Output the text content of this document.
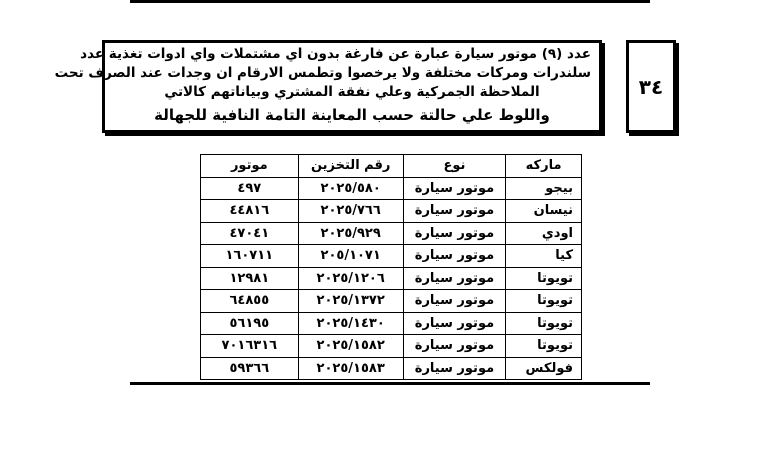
٣٤
عدد (٩) موتور سيارة عبارة عن فارغة بدون اي مشتملات واي ادوات تغذية عدد
سلندرات ومركات مختلفة ولا يرخصوا وتطمس الارقام ان وجدات عند الصرف تحت
الملاحظة الجمركية وعلي نفقة المشتري وبياناتهم كالاتي
واللوط علي حالتة حسب المعاينة التامة النافية للجهالة
ماركه	نوع	رقم التخزين	موتور
بيجو	موتور سيارة	٢٠٢٥/٥٨٠	٤٩٧
نيسان	موتور سيارة	٢٠٢٥/٧٦٦	٤٤٨١٦
اودي	موتور سيارة	٢٠٢٥/٩٢٩	٤٧٠٤١
كيا	موتور سيارة	٢٠٥/١٠٧١	١٦٠٧١١
تويوتا	موتور سيارة	٢٠٢٥/١٢٠٦	١٢٩٨١
تويوتا	موتور سيارة	٢٠٢٥/١٣٧٢	٦٤٨٥٥
تويوتا	موتور سيارة	٢٠٢٥/١٤٣٠	٥٦١٩٥
تويوتا	موتور سيارة	٢٠٢٥/١٥٨٢	٧٠١٦٣١٦
فولكس	موتور سيارة	٢٠٢٥/١٥٨٣	٥٩٣٦٦
